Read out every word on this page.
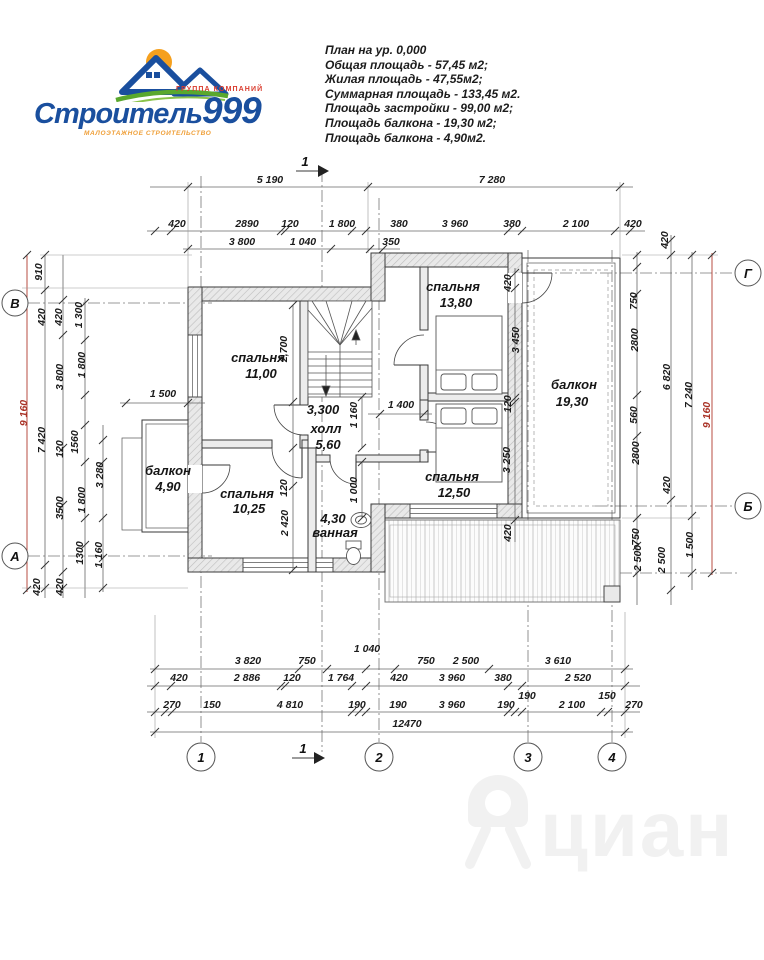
Строитель999
ГРУППА КОМПАНИЙ
МАЛОЭТАЖНОЕ СТРОИТЕЛЬСТВО
План на ур. 0,000
Общая площадь - 57,45 м2;
Жилая площадь - 47,55м2;
Суммарная площадь - 133,45 м2.
Площадь застройки - 99,00 м2;
Площадь балкона - 19,30 м2;
Площадь балкона - 4,90м2.
циан
1
1
5 190	7 280
420	2890 120	1 800	380	3 960	380	2 100	420
3 800	1 040	350
3 820	750
1 040
750 2 500	3 610
420	2 886 120	1 764	420	3 960	380	2 520
190	150
270 150	4 810	190 190	3 960	190	2 100	270
12470
910
420 420 1 300
1 800
3 800
7 420 1560
120
3 280
1 800
3500
1300 1 160
420 420
9 160
420
750
2800
560
6 820
7 240
2800
420
750
2 500 2 500
1 500
9 160
2,700
1 160	1 400
1 000
120
2 420
420
3 450
120
3 250
420
1 500
спальня
11,00
спальня
13,80
спальня
10,25
спальня
12,50
3,300
холл
5,60
4,30
ванная
балкон
19,30
балкон
4,90
В
А
Г
Б
1	2	3	4
